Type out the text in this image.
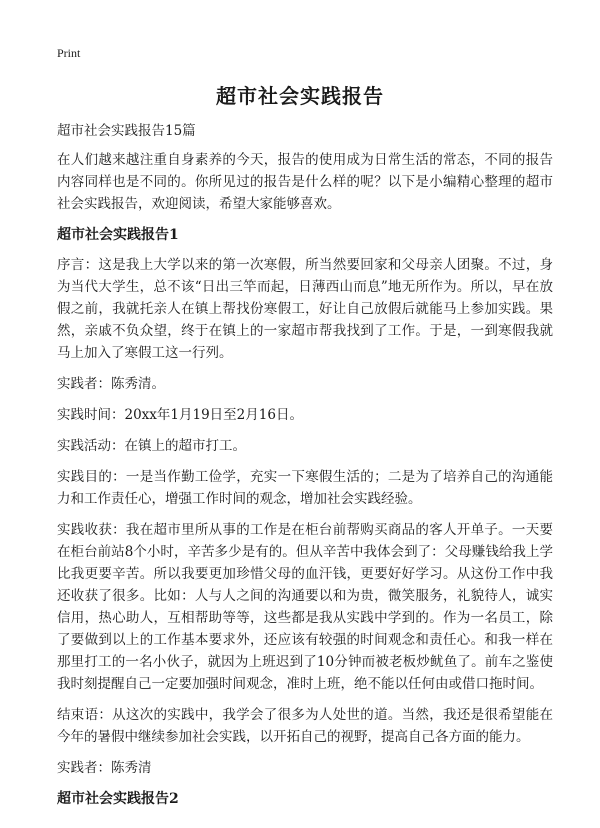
Print
超市社会实践报告
超市社会实践报告15篇

在人们越来越注重自身素养的今天，报告的使用成为日常生活的常态，不同的报告内容同样也是不同的。你所见过的报告是什么样的呢？以下是小编精心整理的超市社会实践报告，欢迎阅读，希望大家能够喜欢。

超市社会实践报告1

序言：这是我上大学以来的第一次寒假，所当然要回家和父母亲人团聚。不过，身为当代大学生，总不该“日出三竿而起，日薄西山而息”地无所作为。所以，早在放假之前，我就托亲人在镇上帮找份寒假工，好让自己放假后就能马上参加实践。果然，亲戚不负众望，终于在镇上的一家超市帮我找到了工作。于是，一到寒假我就马上加入了寒假工这一行列。

实践者：陈秀清。

实践时间：20xx年1月19日至2月16日。

实践活动：在镇上的超市打工。

实践目的：一是当作勤工俭学，充实一下寒假生活的；二是为了培养自己的沟通能力和工作责任心，增强工作时间的观念，增加社会实践经验。

实践收获：我在超市里所从事的工作是在柜台前帮购买商品的客人开单子。一天要在柜台前站8个小时，辛苦多少是有的。但从辛苦中我体会到了：父母赚钱给我上学比我更要辛苦。所以我要更加珍惜父母的血汗钱，更要好好学习。从这份工作中我还收获了很多。比如：人与人之间的沟通要以和为贵，微笑服务，礼貌待人，诚实信用，热心助人，互相帮助等等，这些都是我从实践中学到的。作为一名员工，除了要做到以上的工作基本要求外，还应该有较强的时间观念和责任心。和我一样在那里打工的一名小伙子，就因为上班迟到了10分钟而被老板炒鱿鱼了。前车之鉴使我时刻提醒自己一定要加强时间观念，准时上班，绝不能以任何由或借口拖时间。

结束语：从这次的实践中，我学会了很多为人处世的道。当然，我还是很希望能在今年的暑假中继续参加社会实践，以开拓自己的视野，提高自己各方面的能力。

实践者：陈秀清

超市社会实践报告2
